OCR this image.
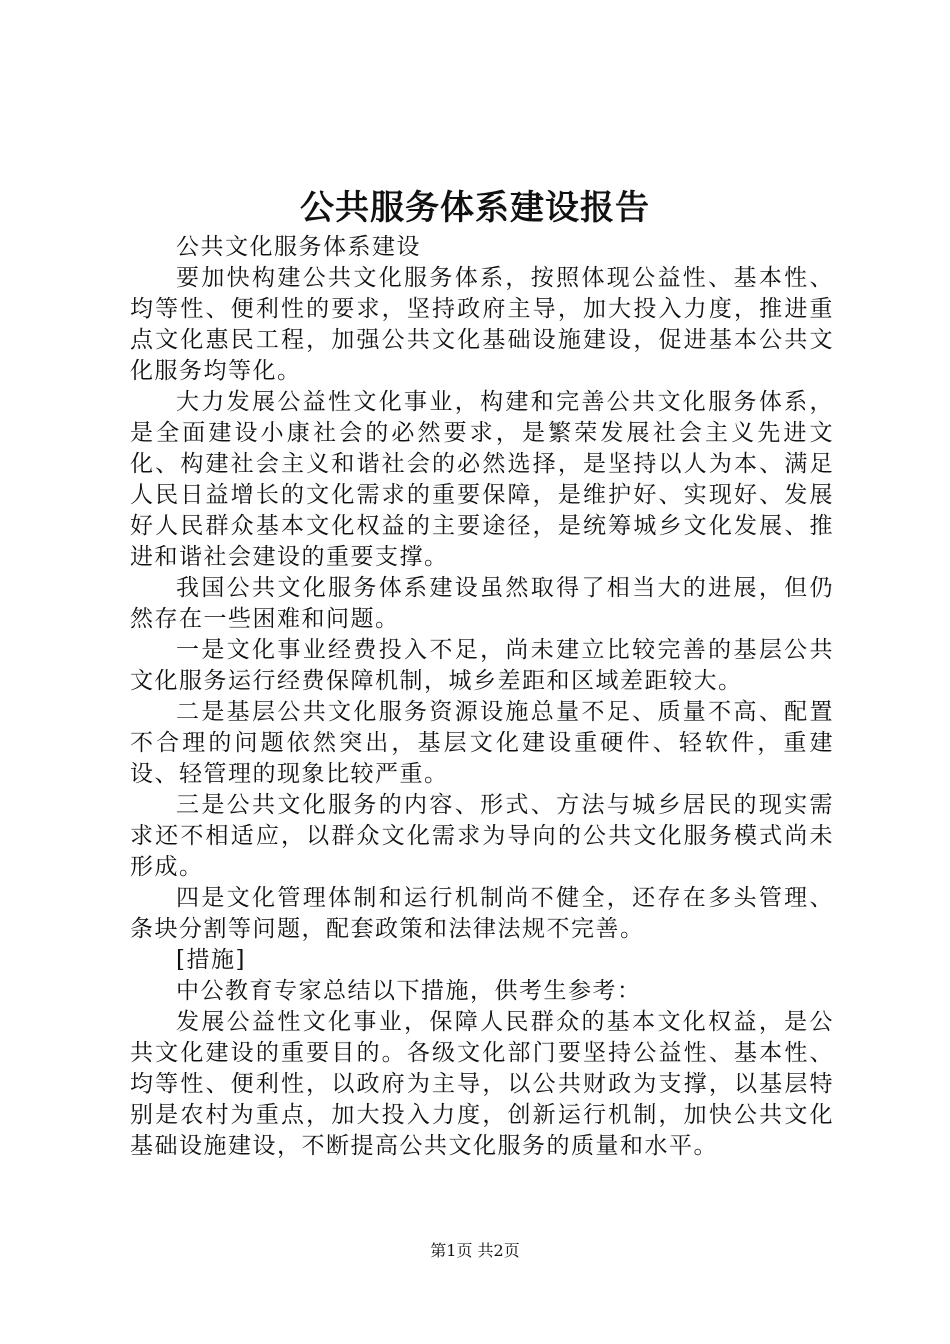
公共服务体系建设报告

公共文化服务体系建设

要加快构建公共文化服务体系，按照体现公益性、基本性、均等性、便利性的要求，坚持政府主导，加大投入力度，推进重点文化惠民工程，加强公共文化基础设施建设，促进基本公共文化服务均等化。

大力发展公益性文化事业，构建和完善公共文化服务体系，是全面建设小康社会的必然要求，是繁荣发展社会主义先进文化、构建社会主义和谐社会的必然选择，是坚持以人为本、满足人民日益增长的文化需求的重要保障，是维护好、实现好、发展好人民群众基本文化权益的主要途径，是统筹城乡文化发展、推进和谐社会建设的重要支撑。

我国公共文化服务体系建设虽然取得了相当大的进展，但仍然存在一些困难和问题。

一是文化事业经费投入不足，尚未建立比较完善的基层公共文化服务运行经费保障机制，城乡差距和区域差距较大。

二是基层公共文化服务资源设施总量不足、质量不高、配置不合理的问题依然突出，基层文化建设重硬件、轻软件，重建设、轻管理的现象比较严重。

三是公共文化服务的内容、形式、方法与城乡居民的现实需求还不相适应，以群众文化需求为导向的公共文化服务模式尚未形成。

四是文化管理体制和运行机制尚不健全，还存在多头管理、条块分割等问题，配套政策和法律法规不完善。

[措施]

中公教育专家总结以下措施，供考生参考：

发展公益性文化事业，保障人民群众的基本文化权益，是公共文化建设的重要目的。各级文化部门要坚持公益性、基本性、均等性、便利性，以政府为主导，以公共财政为支撑，以基层特别是农村为重点，加大投入力度，创新运行机制，加快公共文化基础设施建设，不断提高公共文化服务的质量和水平。

第1页 共2页
